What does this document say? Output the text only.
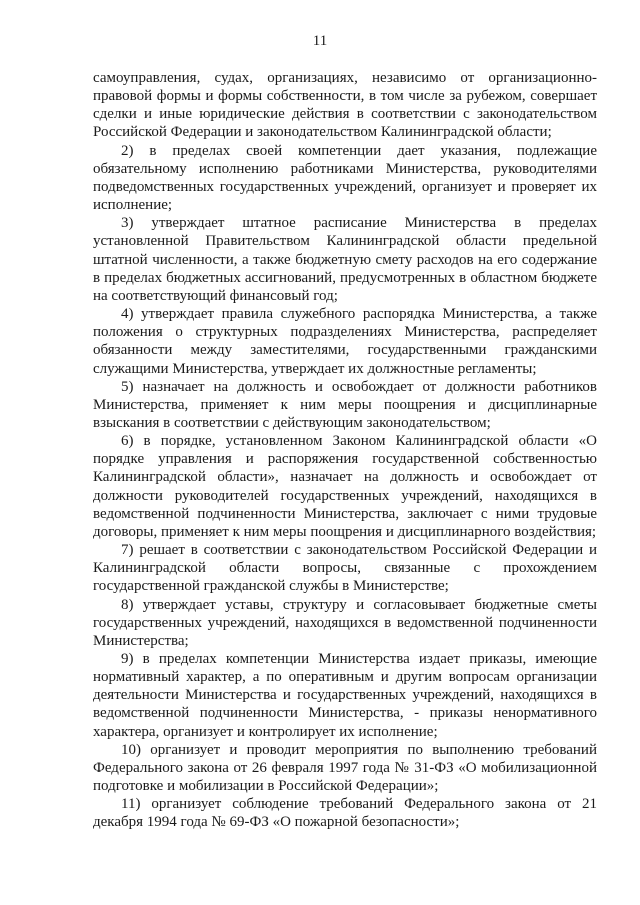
11

самоуправления, судах, организациях, независимо от организационно-правовой формы и формы собственности, в том числе за рубежом, совершает сделки и иные юридические действия в соответствии с законодательством Российской Федерации и законодательством Калининградской области;

2) в пределах своей компетенции дает указания, подлежащие обязательному исполнению работниками Министерства, руководителями подведомственных государственных учреждений, организует и проверяет их исполнение;

3) утверждает штатное расписание Министерства в пределах установленной Правительством Калининградской области предельной штатной численности, а также бюджетную смету расходов на его содержание в пределах бюджетных ассигнований, предусмотренных в областном бюджете на соответствующий финансовый год;

4) утверждает правила служебного распорядка Министерства, а также положения о структурных подразделениях Министерства, распределяет обязанности между заместителями, государственными гражданскими служащими Министерства, утверждает их должностные регламенты;

5) назначает на должность и освобождает от должности работников Министерства, применяет к ним меры поощрения и дисциплинарные взыскания в соответствии с действующим законодательством;

6) в порядке, установленном Законом Калининградской области «О порядке управления и распоряжения государственной собственностью Калининградской области», назначает на должность и освобождает от должности руководителей государственных учреждений, находящихся в ведомственной подчиненности Министерства, заключает с ними трудовые договоры, применяет к ним меры поощрения и дисциплинарного воздействия;

7) решает в соответствии с законодательством Российской Федерации и Калининградской области вопросы, связанные с прохождением государственной гражданской службы в Министерстве;

8) утверждает уставы, структуру и согласовывает бюджетные сметы государственных учреждений, находящихся в ведомственной подчиненности Министерства;

9) в пределах компетенции Министерства издает приказы, имеющие нормативный характер, а по оперативным и другим вопросам организации деятельности Министерства и государственных учреждений, находящихся в ведомственной подчиненности Министерства, - приказы ненормативного характера, организует и контролирует их исполнение;

10) организует и проводит мероприятия по выполнению требований Федерального закона от 26 февраля 1997 года № 31-ФЗ «О мобилизационной подготовке и мобилизации в Российской Федерации»;

11) организует соблюдение требований Федерального закона от 21 декабря 1994 года № 69-ФЗ «О пожарной безопасности»;
